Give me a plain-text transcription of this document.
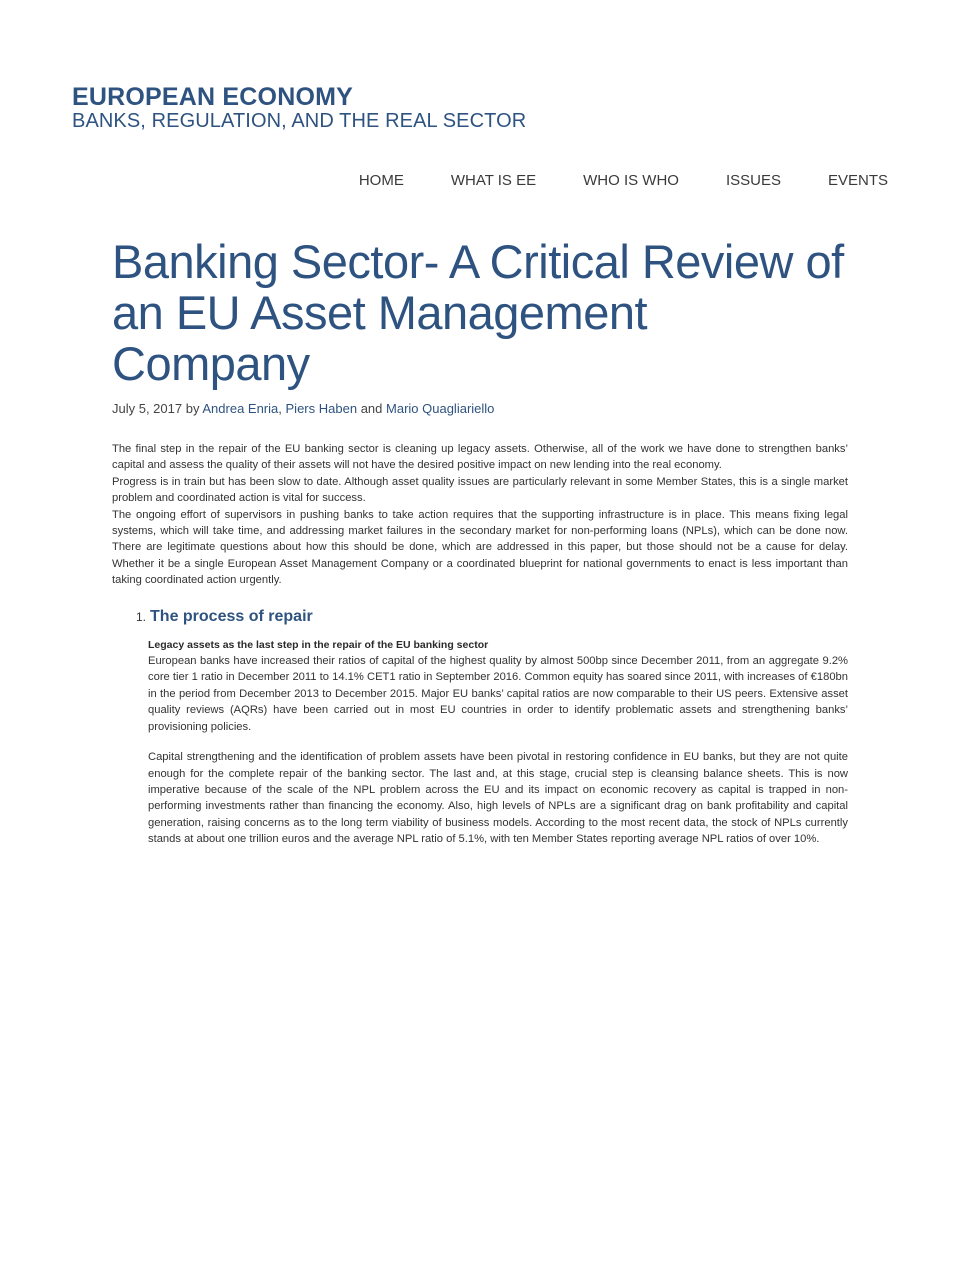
EUROPEAN ECONOMY
BANKS, REGULATION, AND THE REAL SECTOR
HOME	WHAT IS EE	WHO IS WHO	ISSUES	EVENTS
Banking Sector- A Critical Review of an EU Asset Management Company
July 5, 2017 by Andrea Enria, Piers Haben and Mario Quagliariello

The final step in the repair of the EU banking sector is cleaning up legacy assets. Otherwise, all of the work we have done to strengthen banks’ capital and assess the quality of their assets will not have the desired positive impact on new lending into the real economy.

Progress is in train but has been slow to date. Although asset quality issues are particularly relevant in some Member States, this is a single market problem and coordinated action is vital for success.

The ongoing effort of supervisors in pushing banks to take action requires that the supporting infrastructure is in place. This means fixing legal systems, which will take time, and addressing market failures in the secondary market for non-performing loans (NPLs), which can be done now. There are legitimate questions about how this should be done, which are addressed in this paper, but those should not be a cause for delay. Whether it be a single European Asset Management Company or a coordinated blueprint for national governments to enact is less important than taking coordinated action urgently.

1. The process of repair
Legacy assets as the last step in the repair of the EU banking sector

European banks have increased their ratios of capital of the highest quality by almost 500bp since December 2011, from an aggregate 9.2% core tier 1 ratio in December 2011 to 14.1% CET1 ratio in September 2016. Common equity has soared since 2011, with increases of €180bn in the period from December 2013 to December 2015. Major EU banks’ capital ratios are now comparable to their US peers. Extensive asset quality reviews (AQRs) have been carried out in most EU countries in order to identify problematic assets and strengthening banks’ provisioning policies.

Capital strengthening and the identification of problem assets have been pivotal in restoring confidence in EU banks, but they are not quite enough for the complete repair of the banking sector. The last and, at this stage, crucial step is cleansing balance sheets. This is now imperative because of the scale of the NPL problem across the EU and its impact on economic recovery as capital is trapped in non-performing investments rather than financing the economy. Also, high levels of NPLs are a significant drag on bank profitability and capital generation, raising concerns as to the long term viability of business models. According to the most recent data, the stock of NPLs currently stands at about one trillion euros and the average NPL ratio of 5.1%, with ten Member States reporting average NPL ratios of over 10%.
